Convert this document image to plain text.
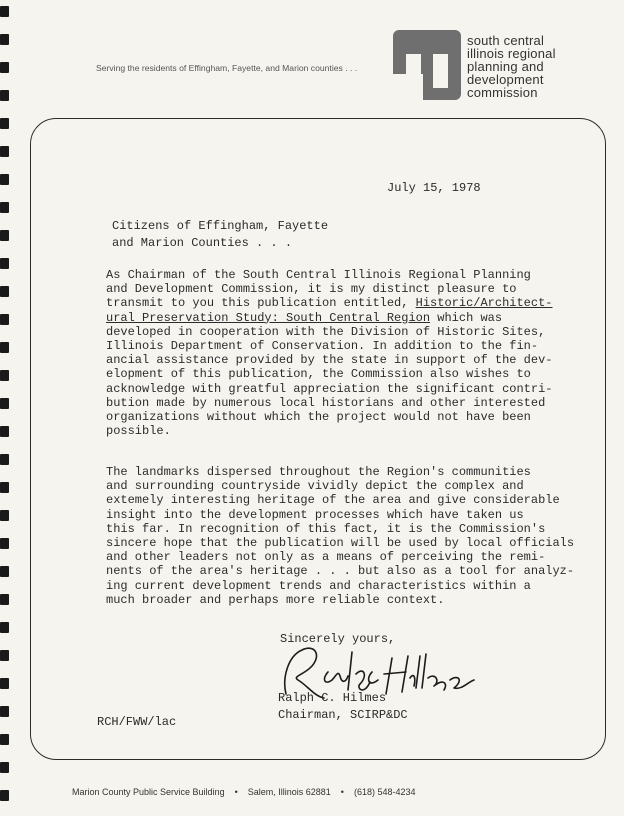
Serving the residents of Effingham, Fayette, and Marion counties . . .
south central
illinois regional
planning and
development
commission
July 15, 1978
Citizens of Effingham, Fayette
and Marion Counties . . .
As Chairman of the South Central Illinois Regional Planning
and Development Commission, it is my distinct pleasure to
transmit to you this publication entitled, Historic/Architect-
ural Preservation Study: South Central Region which was
developed in cooperation with the Division of Historic Sites,
Illinois Department of Conservation. In addition to the fin-
ancial assistance provided by the state in support of the dev-
elopment of this publication, the Commission also wishes to
acknowledge with greatful appreciation the significant contri-
bution made by numerous local historians and other interested
organizations without which the project would not have been
possible.
The landmarks dispersed throughout the Region's communities
and surrounding countryside vividly depict the complex and
extemely interesting heritage of the area and give considerable
insight into the development processes which have taken us
this far. In recognition of this fact, it is the Commission's
sincere hope that the publication will be used by local officials
and other leaders not only as a means of perceiving the remi-
nents of the area's heritage . . . but also as a tool for analyz-
ing current development trends and characteristics within a
much broader and perhaps more reliable context.
Sincerely yours,
Ralph C. Hilmes
Chairman, SCIRP&DC
RCH/FWW/lac
Marion County Public Service Building • Salem, Illinois 62881 • (618) 548-4234
